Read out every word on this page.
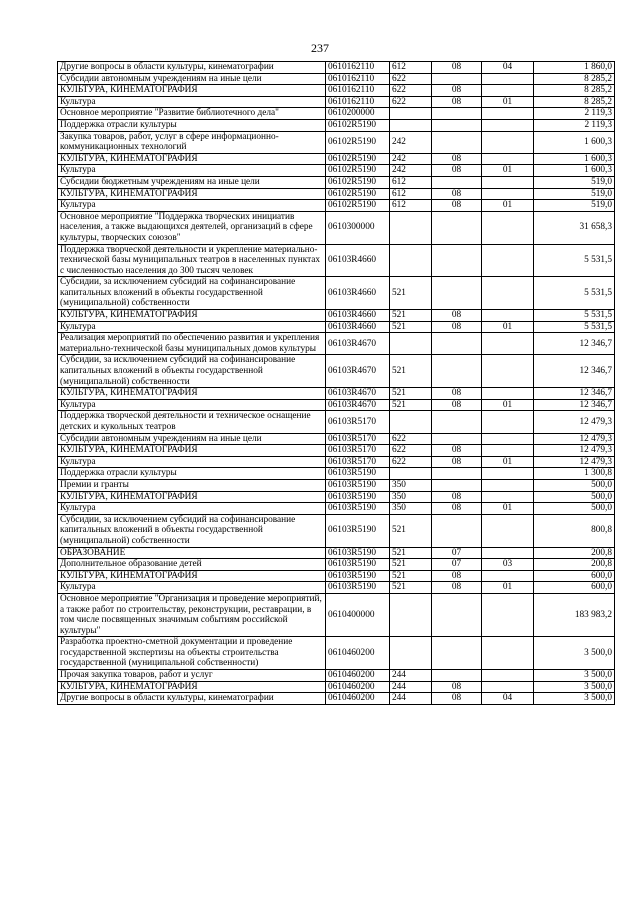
237
Другие вопросы в области культуры, кинематографии	0610162110	612	08	04	1 860,0
Субсидии автономным учреждениям на иные цели	0610162110	622			8 285,2
КУЛЬТУРА, КИНЕМАТОГРАФИЯ	0610162110	622	08		8 285,2
Культура	0610162110	622	08	01	8 285,2
Основное мероприятие "Развитие библиотечного дела"	0610200000				2 119,3
Поддержка отрасли культуры	06102R5190				2 119,3
Закупка товаров, работ, услуг в сфере информационно-коммуникационных технологий	06102R5190	242			1 600,3
КУЛЬТУРА, КИНЕМАТОГРАФИЯ	06102R5190	242	08		1 600,3
Культура	06102R5190	242	08	01	1 600,3
Субсидии бюджетным учреждениям на иные цели	06102R5190	612			519,0
КУЛЬТУРА, КИНЕМАТОГРАФИЯ	06102R5190	612	08		519,0
Культура	06102R5190	612	08	01	519,0
Основное мероприятие "Поддержка творческих инициатив населения, а также выдающихся деятелей, организаций в сфере культуры, творческих союзов"	0610300000				31 658,3
Поддержка творческой деятельности и укрепление материально-технической базы муниципальных театров в населенных пунктах с численностью населения до 300 тысяч человек	06103R4660				5 531,5
Субсидии, за исключением субсидий на софинансирование капитальных вложений в объекты государственной (муниципальной) собственности	06103R4660	521			5 531,5
КУЛЬТУРА, КИНЕМАТОГРАФИЯ	06103R4660	521	08		5 531,5
Культура	06103R4660	521	08	01	5 531,5
Реализация мероприятий по обеспечению развития и укрепления материально-технической базы муниципальных домов культуры	06103R4670				12 346,7
Субсидии, за исключением субсидий на софинансирование капитальных вложений в объекты государственной (муниципальной) собственности	06103R4670	521			12 346,7
КУЛЬТУРА, КИНЕМАТОГРАФИЯ	06103R4670	521	08		12 346,7
Культура	06103R4670	521	08	01	12 346,7
Поддержка творческой деятельности и техническое оснащение детских и кукольных театров	06103R5170				12 479,3
Субсидии автономным учреждениям на иные цели	06103R5170	622			12 479,3
КУЛЬТУРА, КИНЕМАТОГРАФИЯ	06103R5170	622	08		12 479,3
Культура	06103R5170	622	08	01	12 479,3
Поддержка отрасли культуры	06103R5190				1 300,8
Премии и гранты	06103R5190	350			500,0
КУЛЬТУРА, КИНЕМАТОГРАФИЯ	06103R5190	350	08		500,0
Культура	06103R5190	350	08	01	500,0
Субсидии, за исключением субсидий на софинансирование капитальных вложений в объекты государственной (муниципальной) собственности	06103R5190	521			800,8
ОБРАЗОВАНИЕ	06103R5190	521	07		200,8
Дополнительное образование детей	06103R5190	521	07	03	200,8
КУЛЬТУРА, КИНЕМАТОГРАФИЯ	06103R5190	521	08		600,0
Культура	06103R5190	521	08	01	600,0
Основное мероприятие "Организация и проведение мероприятий, а также работ по строительству, реконструкции, реставрации, в том числе посвященных значимым событиям российской культуры"	0610400000				183 983,2
Разработка проектно-сметной документации и проведение государственной экспертизы на объекты строительства государственной (муниципальной собственности)	0610460200				3 500,0
Прочая закупка товаров, работ и услуг	0610460200	244			3 500,0
КУЛЬТУРА, КИНЕМАТОГРАФИЯ	0610460200	244	08		3 500,0
Другие вопросы в области культуры, кинематографии	0610460200	244	08	04	3 500,0
